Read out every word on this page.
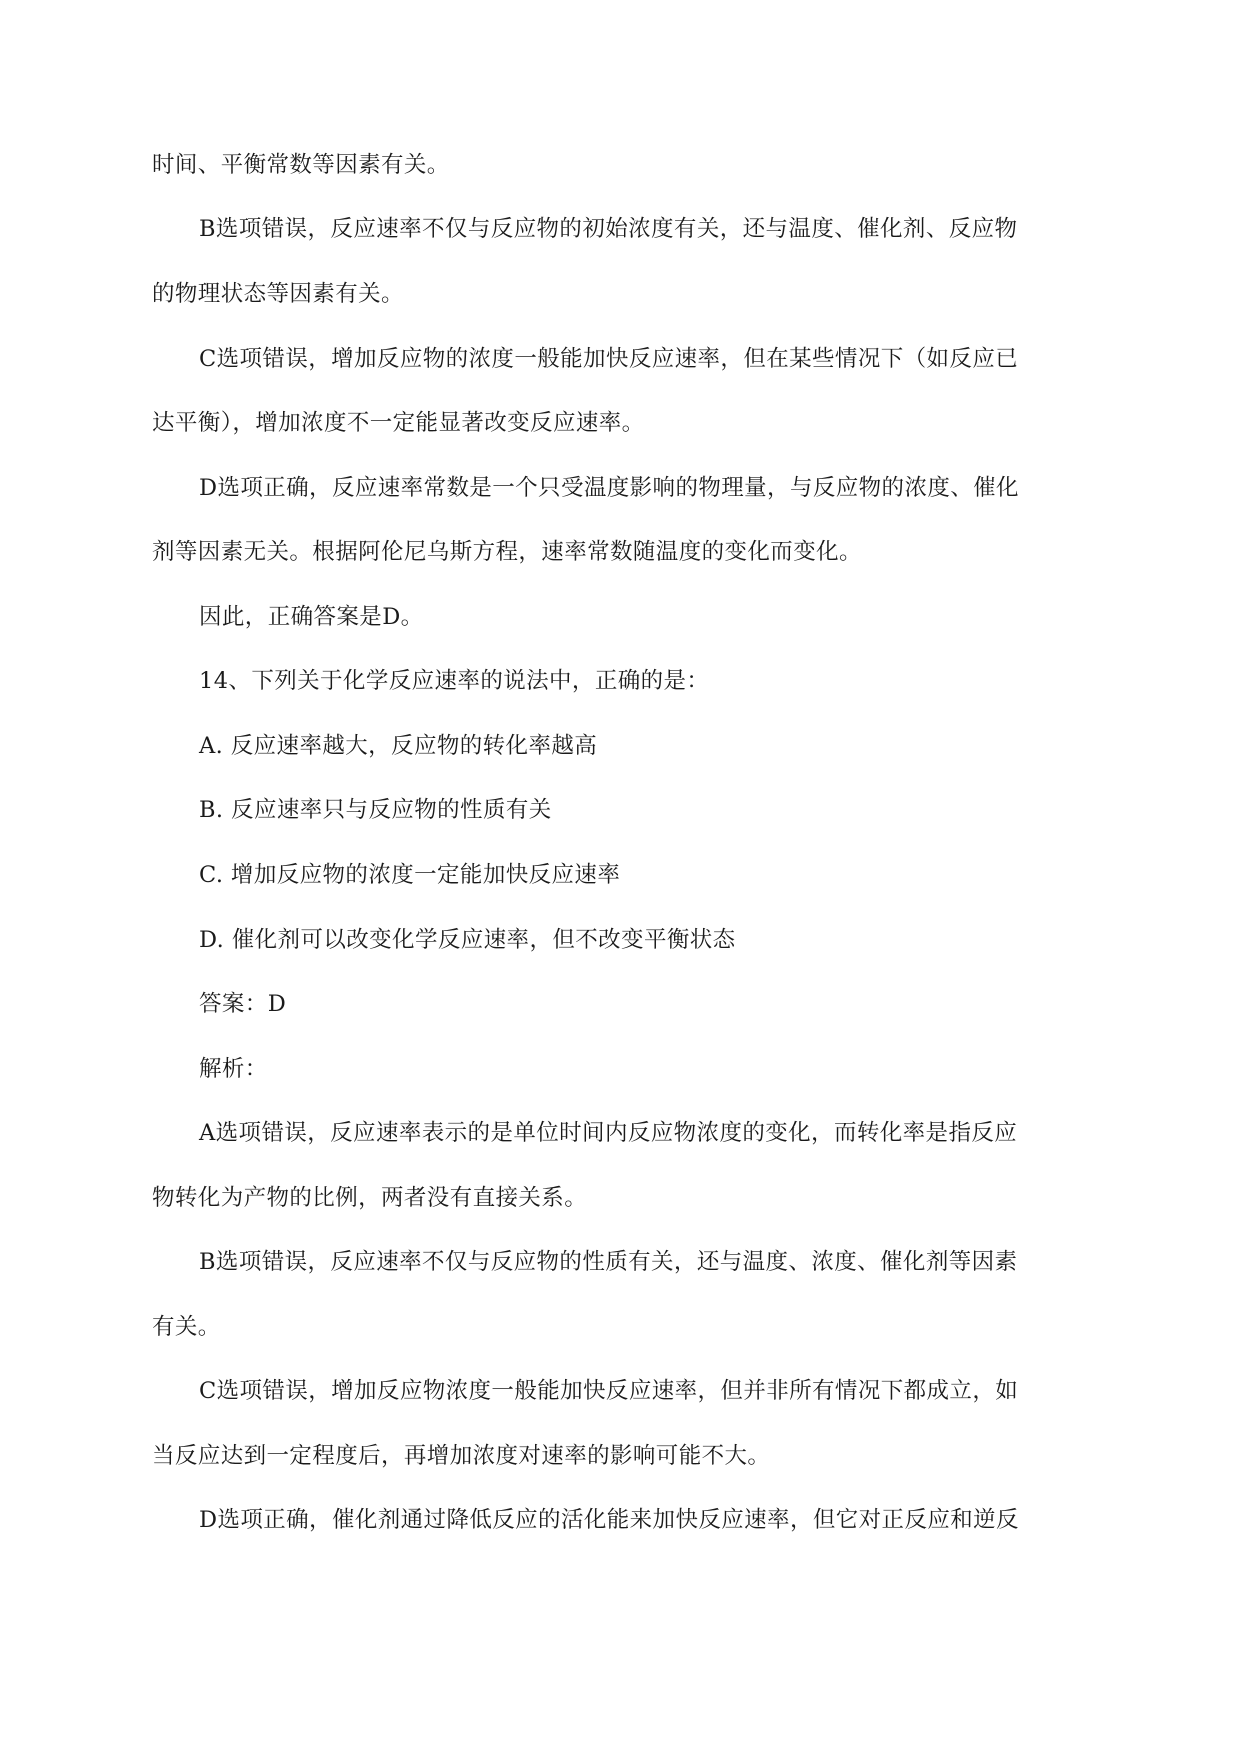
时间、平衡常数等因素有关。
B选项错误，反应速率不仅与反应物的初始浓度有关，还与温度、催化剂、反应物
的物理状态等因素有关。
C选项错误，增加反应物的浓度一般能加快反应速率，但在某些情况下（如反应已
达平衡），增加浓度不一定能显著改变反应速率。
D选项正确，反应速率常数是一个只受温度影响的物理量，与反应物的浓度、催化
剂等因素无关。根据阿伦尼乌斯方程，速率常数随温度的变化而变化。
因此，正确答案是D。
14、下列关于化学反应速率的说法中，正确的是：
A. 反应速率越大，反应物的转化率越高
B. 反应速率只与反应物的性质有关
C. 增加反应物的浓度一定能加快反应速率
D. 催化剂可以改变化学反应速率，但不改变平衡状态
答案：D
解析：
A选项错误，反应速率表示的是单位时间内反应物浓度的变化，而转化率是指反应
物转化为产物的比例，两者没有直接关系。
B选项错误，反应速率不仅与反应物的性质有关，还与温度、浓度、催化剂等因素
有关。
C选项错误，增加反应物浓度一般能加快反应速率，但并非所有情况下都成立，如
当反应达到一定程度后，再增加浓度对速率的影响可能不大。
D选项正确，催化剂通过降低反应的活化能来加快反应速率，但它对正反应和逆反
